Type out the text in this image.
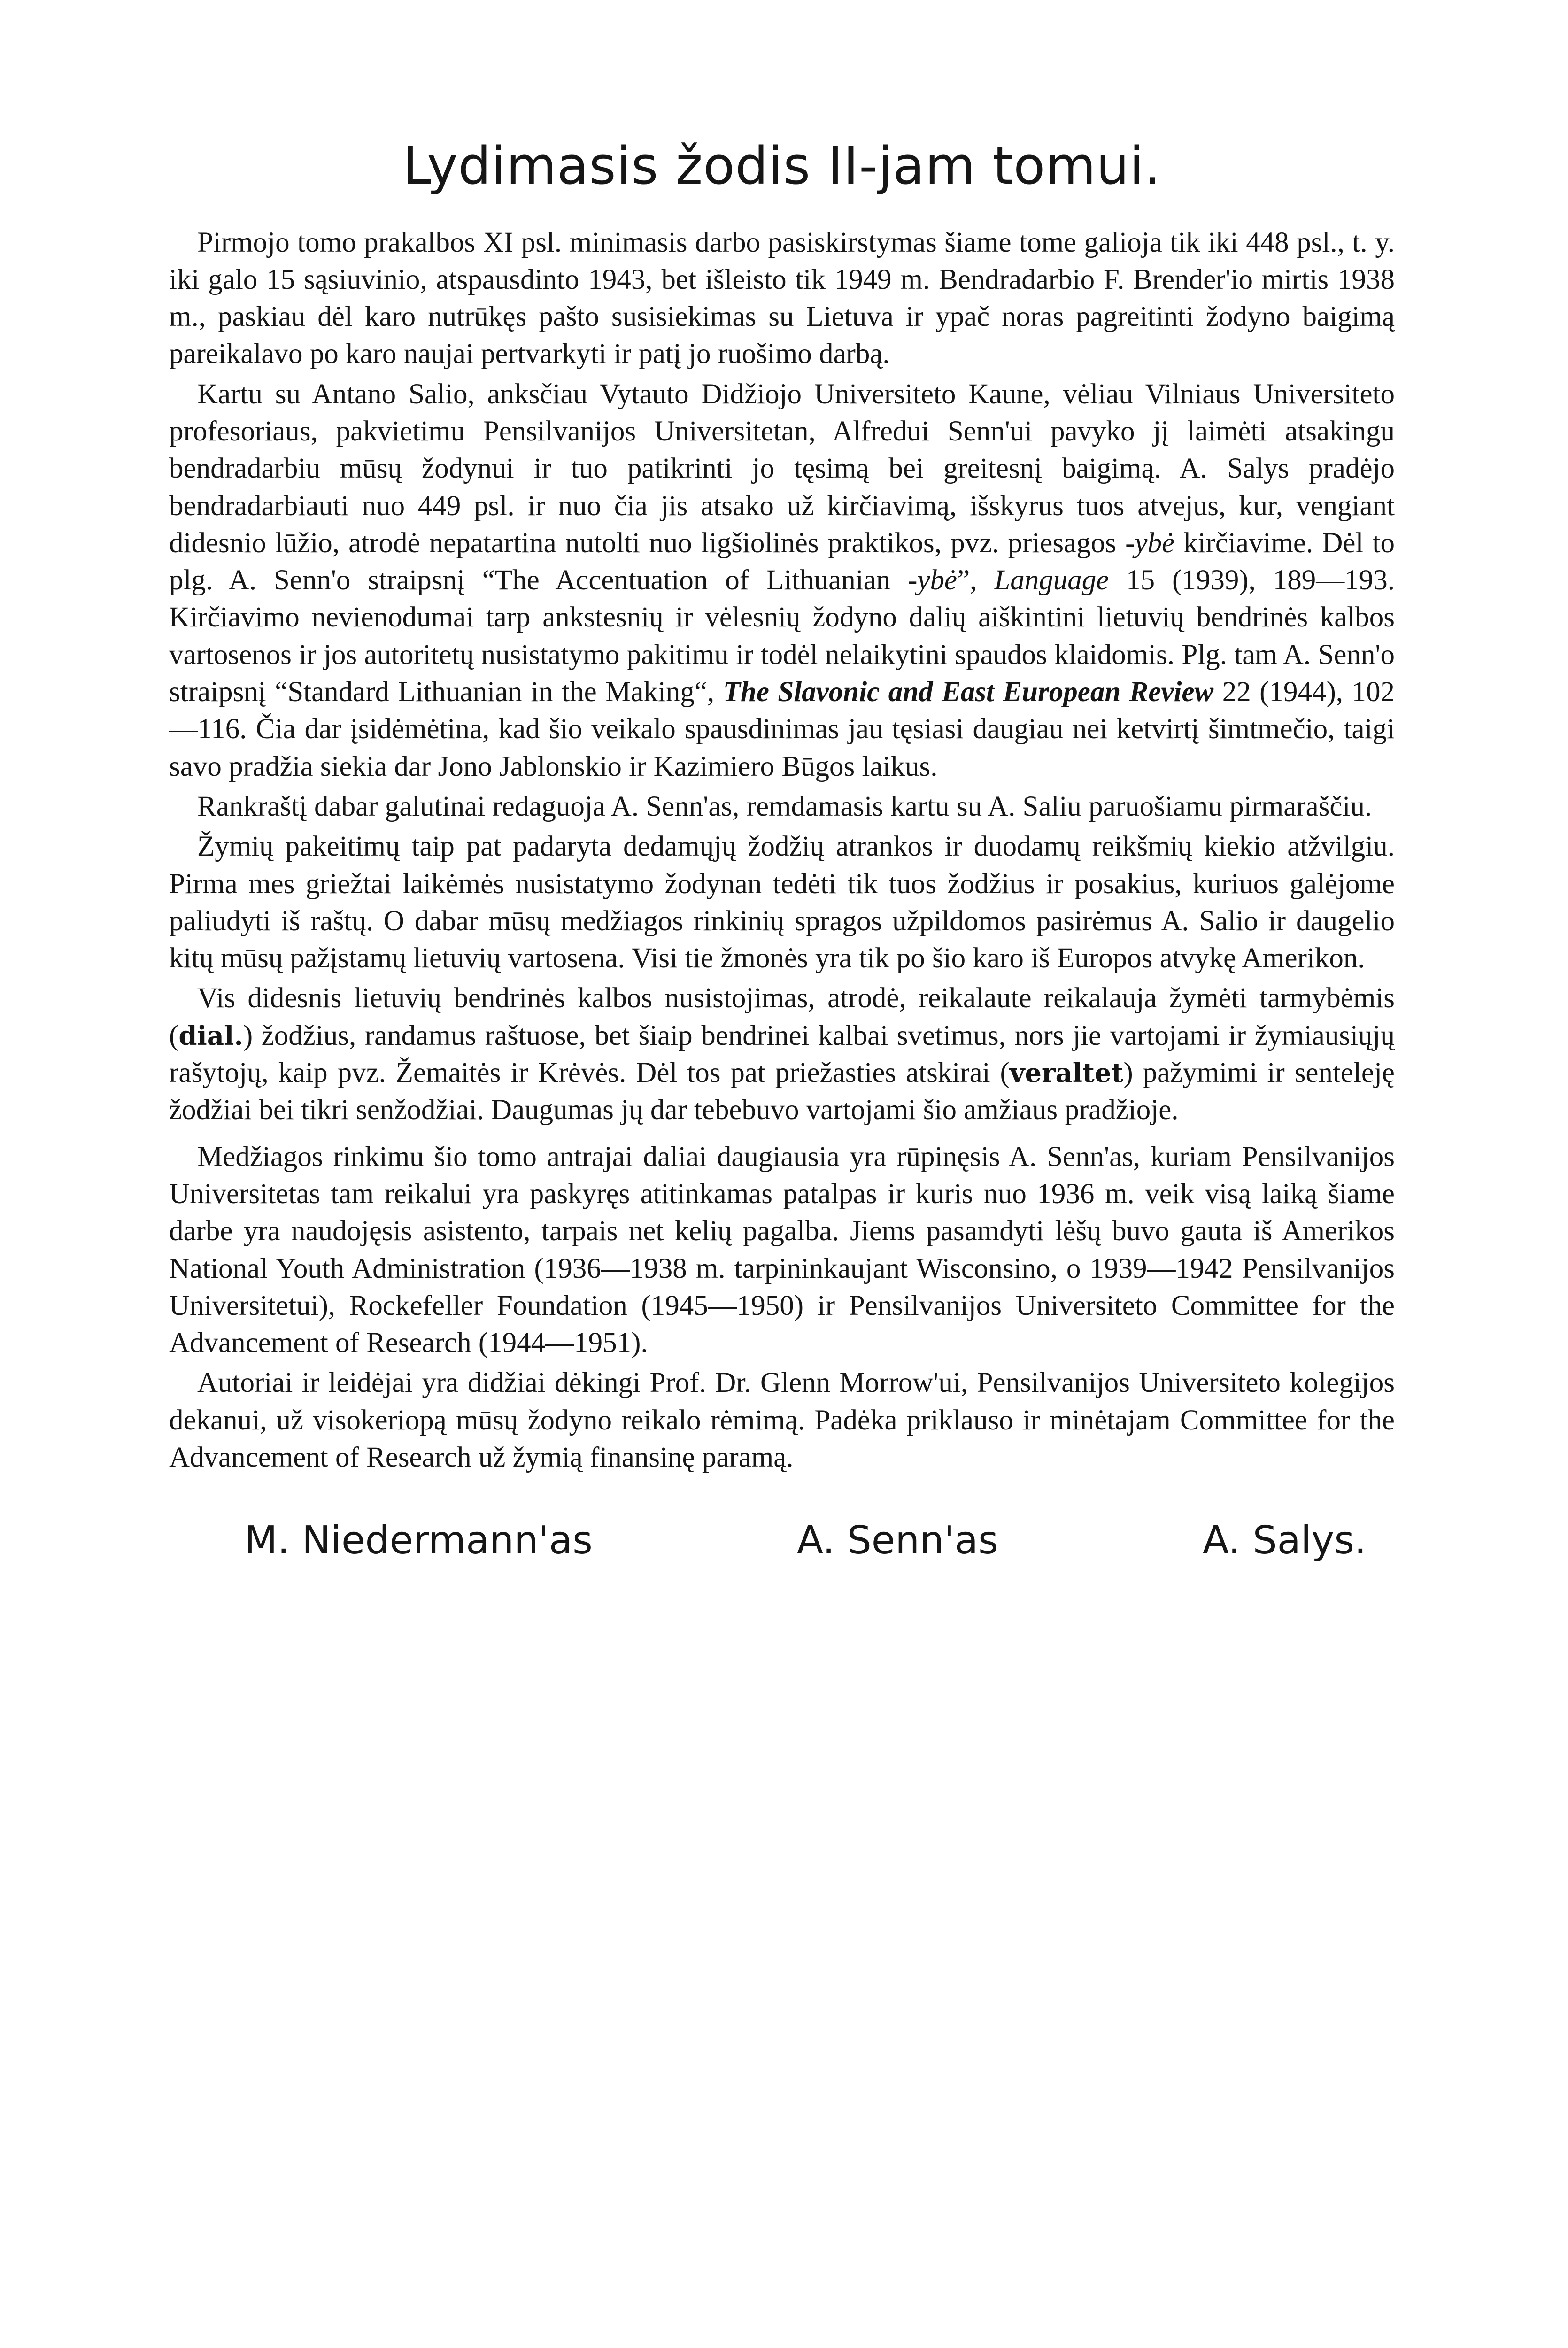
Lydimasis žodis II-jam tomui.

Pirmojo tomo prakalbos XI psl. minimasis darbo pasiskirstymas šiame tome galioja tik iki 448 psl., t. y. iki galo 15 sąsiuvinio, atspausdinto 1943, bet išleisto tik 1949 m. Bendradarbio F. Brender'io mirtis 1938 m., paskiau dėl karo nutrūkęs pašto susisiekimas su Lietuva ir ypač noras pagreitinti žodyno baigimą pareikalavo po karo naujai pertvarkyti ir patį jo ruošimo darbą.

Kartu su Antano Salio, anksčiau Vytauto Didžiojo Universiteto Kaune, vėliau Vilniaus Universiteto profesoriaus, pakvietimu Pensilvanijos Universitetan, Alfredui Senn'ui pavyko jį laimėti atsakingu bendradarbiu mūsų žodynui ir tuo patikrinti jo tęsimą bei greitesnį baigimą. A. Salys pradėjo bendradarbiauti nuo 449 psl. ir nuo čia jis atsako už kirčiavimą, išskyrus tuos atvejus, kur, vengiant didesnio lūžio, atrodė nepatartina nutolti nuo ligšiolinės praktikos, pvz. priesagos -ybė kirčiavime. Dėl to plg. A. Senn'o straipsnį “The Accentuation of Lithuanian -ybė”, Language 15 (1939), 189—193. Kirčiavimo nevienodumai tarp ankstesnių ir vėlesnių žodyno dalių aiškintini lietuvių bendrinės kalbos vartosenos ir jos autoritetų nusistatymo pakitimu ir todėl nelaikytini spaudos klaidomis. Plg. tam A. Senn'o straipsnį “Standard Lithuanian in the Making“, The Slavonic and East European Review 22 (1944), 102—116. Čia dar įsidėmėtina, kad šio veikalo spausdinimas jau tęsiasi daugiau nei ketvirtį šimtmečio, taigi savo pradžia siekia dar Jono Jablonskio ir Kazimiero Būgos laikus.

Rankraštį dabar galutinai redaguoja A. Senn'as, remdamasis kartu su A. Saliu paruošiamu pirmaraščiu.

Žymių pakeitimų taip pat padaryta dedamųjų žodžių atrankos ir duodamų reikšmių kiekio atžvilgiu. Pirma mes griežtai laikėmės nusistatymo žodynan tedėti tik tuos žodžius ir posakius, kuriuos galėjome paliudyti iš raštų. O dabar mūsų medžiagos rinkinių spragos užpildomos pasirėmus A. Salio ir daugelio kitų mūsų pažįstamų lietuvių vartosena. Visi tie žmonės yra tik po šio karo iš Europos atvykę Amerikon.

Vis didesnis lietuvių bendrinės kalbos nusistojimas, atrodė, reikalaute reikalauja žymėti tarmybėmis (dial.) žodžius, randamus raštuose, bet šiaip bendrinei kalbai svetimus, nors jie vartojami ir žymiausiųjų rašytojų, kaip pvz. Žemaitės ir Krėvės. Dėl tos pat priežasties atskirai (veraltet) pažymimi ir senteleję žodžiai bei tikri senžodžiai. Daugumas jų dar tebebuvo vartojami šio amžiaus pradžioje.

Medžiagos rinkimu šio tomo antrajai daliai daugiausia yra rūpinęsis A. Senn'as, kuriam Pensilvanijos Universitetas tam reikalui yra paskyręs atitinkamas patalpas ir kuris nuo 1936 m. veik visą laiką šiame darbe yra naudojęsis asistento, tarpais net kelių pagalba. Jiems pasamdyti lėšų buvo gauta iš Amerikos National Youth Administration (1936—1938 m. tarpininkaujant Wisconsino, o 1939—1942 Pensilvanijos Universitetui), Rockefeller Foundation (1945—1950) ir Pensilvanijos Universiteto Committee for the Advancement of Research (1944—1951).

Autoriai ir leidėjai yra didžiai dėkingi Prof. Dr. Glenn Morrow'ui, Pensilvanijos Universiteto kolegijos dekanui, už visokeriopą mūsų žodyno reikalo rėmimą. Padėka priklauso ir minėtajam Committee for the Advancement of Research už žymią finansinę paramą.

M. Niedermann'as	A. Senn'as	A. Salys.
